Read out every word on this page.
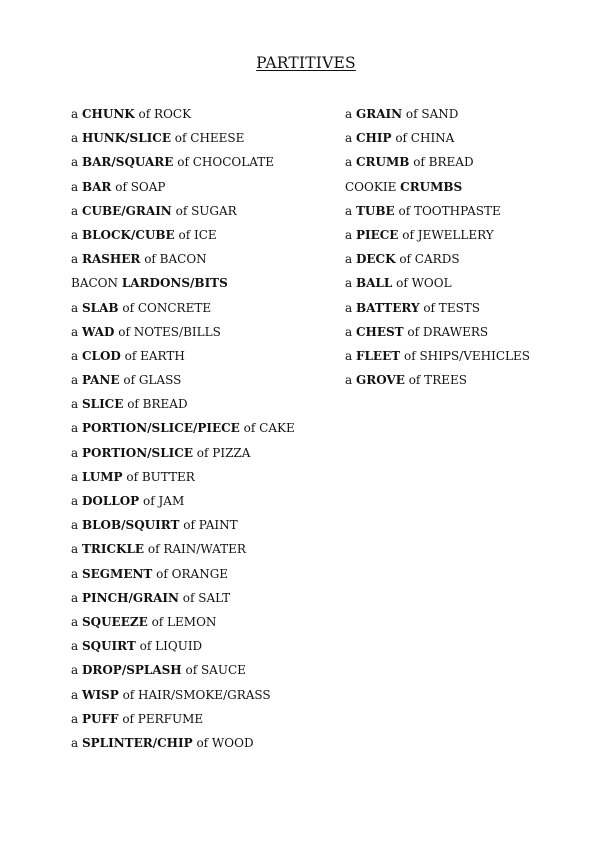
PARTITIVES
a CHUNK of ROCK
a HUNK/SLICE of CHEESE
a BAR/SQUARE of CHOCOLATE
a BAR of SOAP
a CUBE/GRAIN of SUGAR
a BLOCK/CUBE of ICE
a RASHER of BACON
BACON LARDONS/BITS
a SLAB of CONCRETE
a WAD of NOTES/BILLS
a CLOD of EARTH
a PANE of GLASS
a SLICE of BREAD
a PORTION/SLICE/PIECE of CAKE
a PORTION/SLICE of PIZZA
a LUMP of BUTTER
a DOLLOP of JAM
a BLOB/SQUIRT of PAINT
a TRICKLE of RAIN/WATER
a SEGMENT of ORANGE
a PINCH/GRAIN of SALT
a SQUEEZE of LEMON
a SQUIRT of LIQUID
a DROP/SPLASH of SAUCE
a WISP of HAIR/SMOKE/GRASS
a PUFF of PERFUME
a SPLINTER/CHIP of WOOD
a GRAIN of SAND
a CHIP of CHINA
a CRUMB of BREAD
COOKIE CRUMBS
a TUBE of TOOTHPASTE
a PIECE of JEWELLERY
a DECK of CARDS
a BALL of WOOL
a BATTERY of TESTS
a CHEST of DRAWERS
a FLEET of SHIPS/VEHICLES
a GROVE of TREES
